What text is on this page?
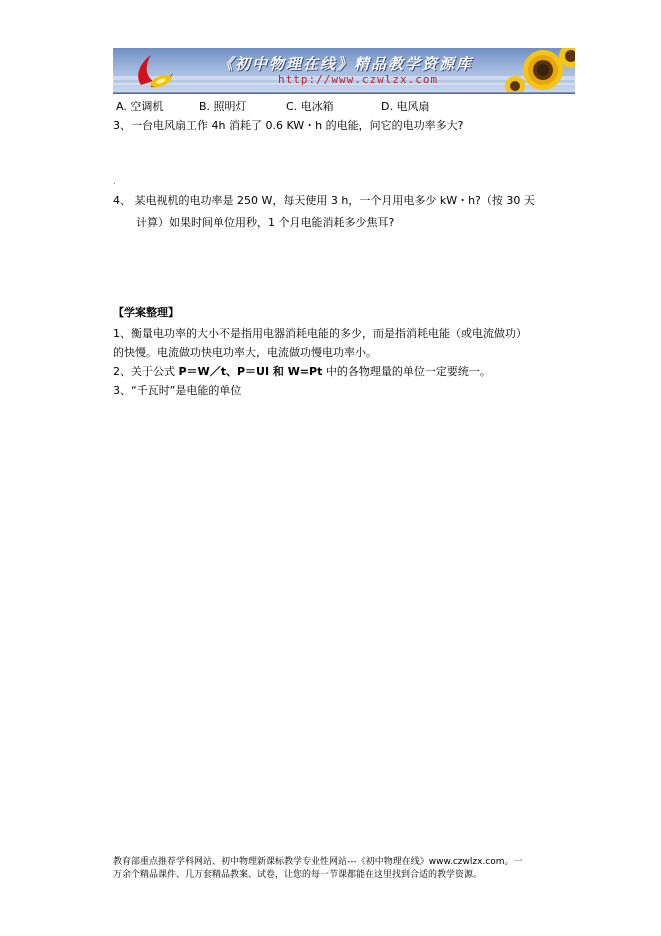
《初中物理在线》精品教学资源库
http://www.czwlzx.com
A. 空调机	B. 照明灯	C. 电冰箱	D. 电风扇
3、一台电风扇工作 4h 消耗了 0.6 KW・h 的电能，问它的电功率多大?
.
4、 某电视机的电功率是 250 W，每天使用 3 h，一个月用电多少 kW・h?（按 30 天
计算）如果时间单位用秒，1 个月电能消耗多少焦耳?
【学案整理】
1、衡量电功率的大小不是指用电器消耗电能的多少，而是指消耗电能（或电流做功）
的快慢。电流做功快电功率大，电流做功慢电功率小。
2、关于公式 P＝W／t、P＝UI 和 W=Pt 中的各物理量的单位一定要统一。
3、“千瓦时”是电能的单位
教育部重点推荐学科网站、初中物理新课标教学专业性网站---《初中物理在线》www.czwlzx.com。一
万余个精品课件、几万套精品教案、试卷，让您的每一节课都能在这里找到合适的教学资源。
